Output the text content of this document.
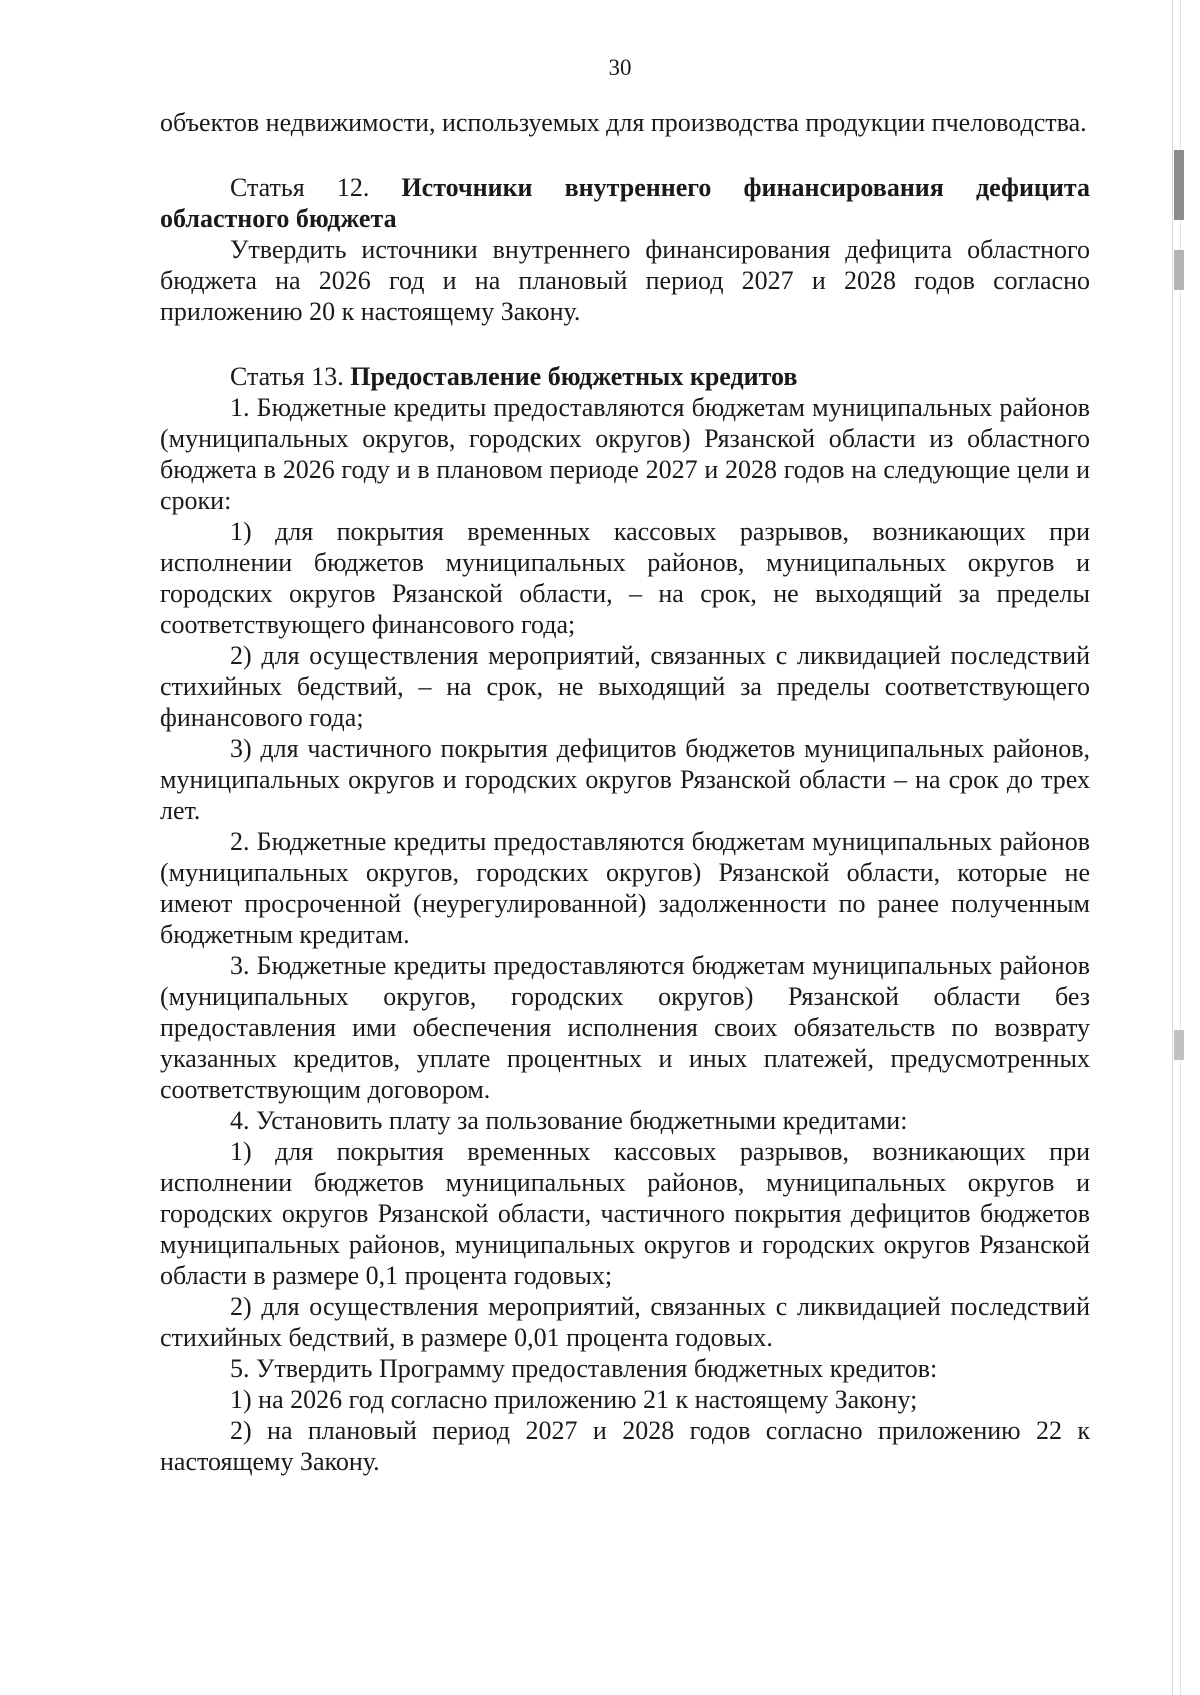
30

объектов недвижимости, используемых для производства продукции пчеловодства.

Статья 12. Источники внутреннего финансирования дефицита областного бюджета

Утвердить источники внутреннего финансирования дефицита областного бюджета на 2026 год и на плановый период 2027 и 2028 годов согласно приложению 20 к настоящему Закону.

Статья 13. Предоставление бюджетных кредитов

1. Бюджетные кредиты предоставляются бюджетам муниципальных районов (муниципальных округов, городских округов) Рязанской области из областного бюджета в 2026 году и в плановом периоде 2027 и 2028 годов на следующие цели и сроки:

1) для покрытия временных кассовых разрывов, возникающих при исполнении бюджетов муниципальных районов, муниципальных округов и городских округов Рязанской области, – на срок, не выходящий за пределы соответствующего финансового года;

2) для осуществления мероприятий, связанных с ликвидацией последствий стихийных бедствий, – на срок, не выходящий за пределы соответствующего финансового года;

3) для частичного покрытия дефицитов бюджетов муниципальных районов, муниципальных округов и городских округов Рязанской области – на срок до трех лет.

2. Бюджетные кредиты предоставляются бюджетам муниципальных районов (муниципальных округов, городских округов) Рязанской области, которые не имеют просроченной (неурегулированной) задолженности по ранее полученным бюджетным кредитам.

3. Бюджетные кредиты предоставляются бюджетам муниципальных районов (муниципальных округов, городских округов) Рязанской области без предоставления ими обеспечения исполнения своих обязательств по возврату указанных кредитов, уплате процентных и иных платежей, предусмотренных соответствующим договором.

4. Установить плату за пользование бюджетными кредитами:

1) для покрытия временных кассовых разрывов, возникающих при исполнении бюджетов муниципальных районов, муниципальных округов и городских округов Рязанской области, частичного покрытия дефицитов бюджетов муниципальных районов, муниципальных округов и городских округов Рязанской области в размере 0,1 процента годовых;

2) для осуществления мероприятий, связанных с ликвидацией последствий стихийных бедствий, в размере 0,01 процента годовых.

5. Утвердить Программу предоставления бюджетных кредитов:

1) на 2026 год согласно приложению 21 к настоящему Закону;

2) на плановый период 2027 и 2028 годов согласно приложению 22 к настоящему Закону.
